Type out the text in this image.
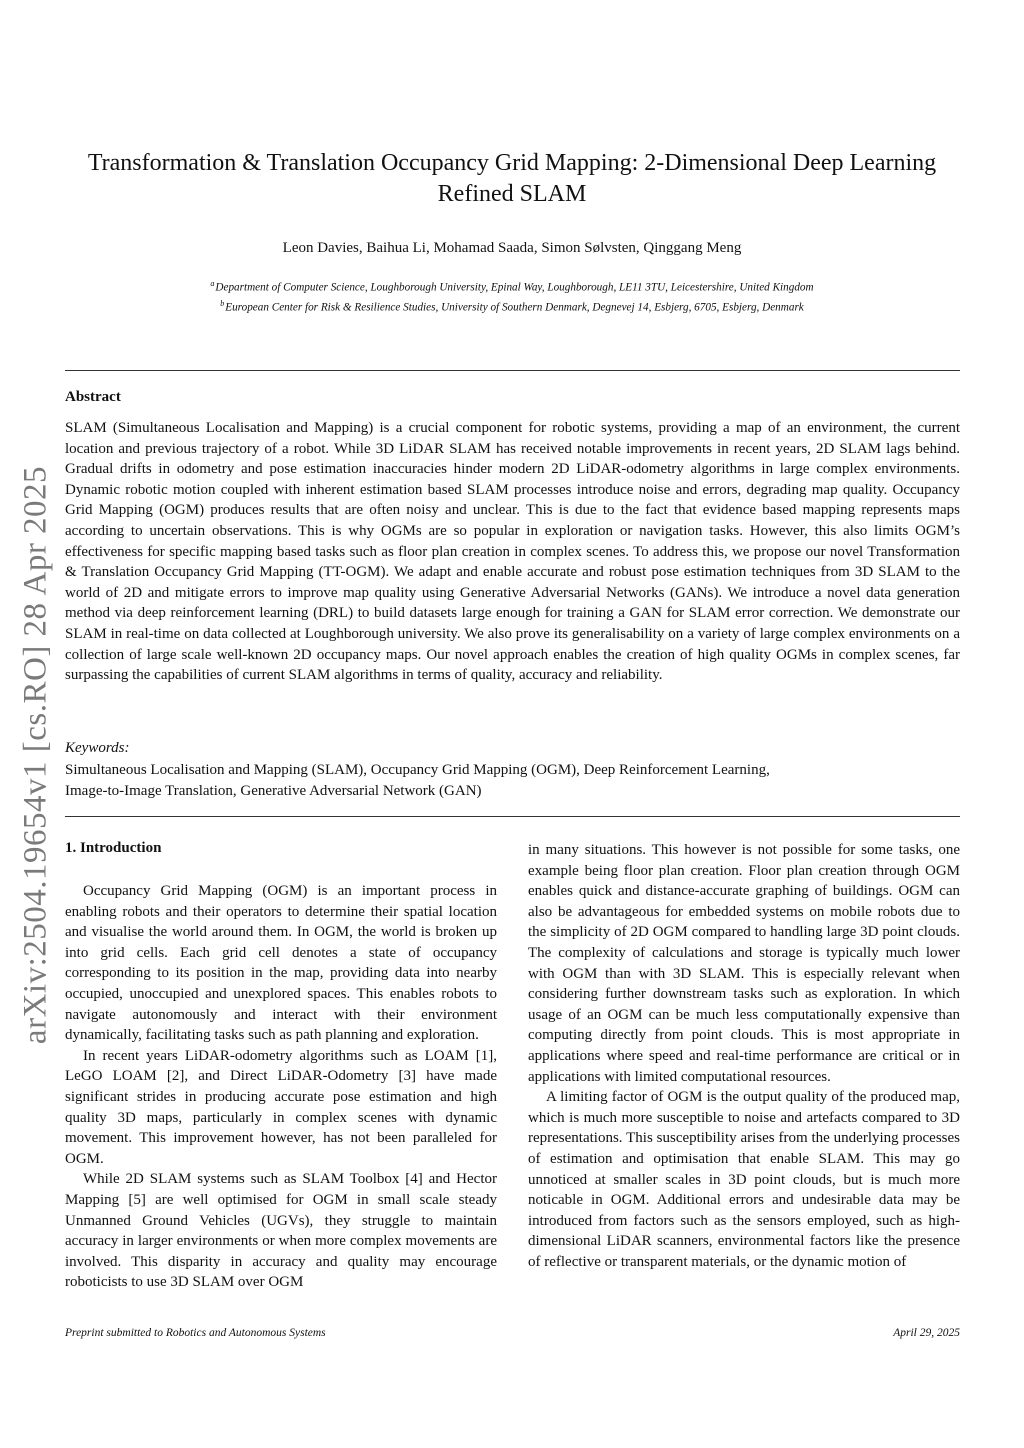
arXiv:2504.19654v1 [cs.RO] 28 Apr 2025
Transformation & Translation Occupancy Grid Mapping: 2-Dimensional Deep Learning Refined SLAM
Leon Davies, Baihua Li, Mohamad Saada, Simon Sølvsten, Qinggang Meng
$^a$Department of Computer Science, Loughborough University, Epinal Way, Loughborough, LE11 3TU, Leicestershire, United Kingdom
$^b$European Center for Risk & Resilience Studies, University of Southern Denmark, Degnevej 14, Esbjerg, 6705, Esbjerg, Denmark
Abstract
SLAM (Simultaneous Localisation and Mapping) is a crucial component for robotic systems, providing a map of an environment, the current location and previous trajectory of a robot. While 3D LiDAR SLAM has received notable improvements in recent years, 2D SLAM lags behind. Gradual drifts in odometry and pose estimation inaccuracies hinder modern 2D LiDAR-odometry algorithms in large complex environments. Dynamic robotic motion coupled with inherent estimation based SLAM processes introduce noise and errors, degrading map quality. Occupancy Grid Mapping (OGM) produces results that are often noisy and unclear. This is due to the fact that evidence based mapping represents maps according to uncertain observations. This is why OGMs are so popular in exploration or navigation tasks. However, this also limits OGM’s effectiveness for specific mapping based tasks such as floor plan creation in complex scenes. To address this, we propose our novel Transformation & Translation Occupancy Grid Mapping (TT-OGM). We adapt and enable accurate and robust pose estimation techniques from 3D SLAM to the world of 2D and mitigate errors to improve map quality using Generative Adversarial Networks (GANs). We introduce a novel data generation method via deep reinforcement learning (DRL) to build datasets large enough for training a GAN for SLAM error correction. We demonstrate our SLAM in real-time on data collected at Loughborough university. We also prove its generalisability on a variety of large complex environments on a collection of large scale well-known 2D occupancy maps. Our novel approach enables the creation of high quality OGMs in complex scenes, far surpassing the capabilities of current SLAM algorithms in terms of quality, accuracy and reliability.
Keywords:
Simultaneous Localisation and Mapping (SLAM), Occupancy Grid Mapping (OGM), Deep Reinforcement Learning,
Image-to-Image Translation, Generative Adversarial Network (GAN)
1. Introduction

Occupancy Grid Mapping (OGM) is an important process in enabling robots and their operators to determine their spatial location and visualise the world around them. In OGM, the world is broken up into grid cells. Each grid cell denotes a state of occupancy corresponding to its position in the map, providing data into nearby occupied, unoccupied and unexplored spaces. This enables robots to navigate autonomously and interact with their environment dynamically, facilitating tasks such as path planning and exploration.

In recent years LiDAR-odometry algorithms such as LOAM [1], LeGO LOAM [2], and Direct LiDAR-Odometry [3] have made significant strides in producing accurate pose estimation and high quality 3D maps, particularly in complex scenes with dynamic movement. This improvement however, has not been paralleled for OGM.

While 2D SLAM systems such as SLAM Toolbox [4] and Hector Mapping [5] are well optimised for OGM in small scale steady Unmanned Ground Vehicles (UGVs), they struggle to maintain accuracy in larger environments or when more complex movements are involved. This disparity in accuracy and quality may encourage roboticists to use 3D SLAM over OGM

in many situations. This however is not possible for some tasks, one example being floor plan creation. Floor plan creation through OGM enables quick and distance-accurate graphing of buildings. OGM can also be advantageous for embedded systems on mobile robots due to the simplicity of 2D OGM compared to handling large 3D point clouds. The complexity of calculations and storage is typically much lower with OGM than with 3D SLAM. This is especially relevant when considering further downstream tasks such as exploration. In which usage of an OGM can be much less computationally expensive than computing directly from point clouds. This is most appropriate in applications where speed and real-time performance are critical or in applications with limited computational resources.

A limiting factor of OGM is the output quality of the produced map, which is much more susceptible to noise and artefacts compared to 3D representations. This susceptibility arises from the underlying processes of estimation and optimisation that enable SLAM. This may go unnoticed at smaller scales in 3D point clouds, but is much more noticable in OGM. Additional errors and undesirable data may be introduced from factors such as the sensors employed, such as high-dimensional LiDAR scanners, environmental factors like the presence of reflective or transparent materials, or the dynamic motion of

Preprint submitted to Robotics and Autonomous Systems	April 29, 2025
